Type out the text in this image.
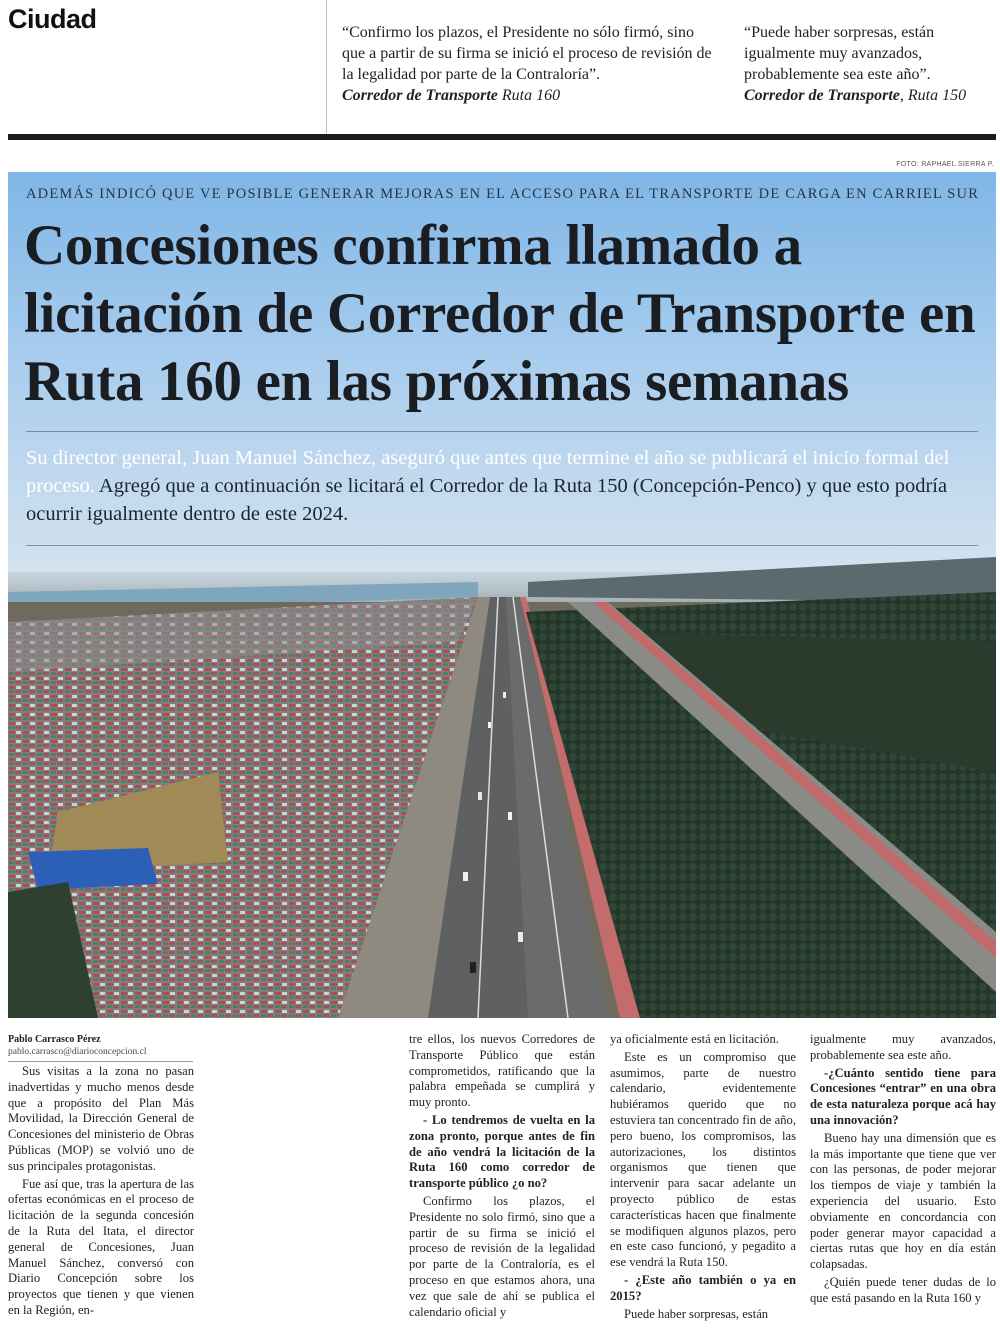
Ciudad	“Confirmo los plazos, el Presidente no sólo firmó, sino que a partir de su firma se inició el proceso de revisión de la legalidad por parte de la Contraloría”.
Corredor de Transporte Ruta 160
“Puede haber sorpresas, están igualmente muy avanzados, probablemente sea este año”.
Corredor de Transporte, Ruta 150
FOTO: RAPHAEL SIERRA P.
ADEMÁS INDICÓ QUE VE POSIBLE GENERAR MEJORAS EN EL ACCESO PARA EL TRANSPORTE DE CARGA EN CARRIEL SUR
Concesiones confirma llamado a licitación de Corredor de Transporte en Ruta 160 en las próximas semanas
Su director general, Juan Manuel Sánchez, aseguró que antes que termine el año se publicará el inicio formal del proceso. Agregó que a continuación se licitará el Corredor de la Ruta 150 (Concepción-Penco) y que esto podría ocurrir igualmente dentro de este 2024.
Pablo Carrasco Pérez
pablo.carrasco@diarioconcepcion.cl

Sus visitas a la zona no pasan inadvertidas y mucho menos desde que a propósito del Plan Más Movilidad, la Dirección General de Concesiones del ministerio de Obras Públicas (MOP) se volvió uno de sus principales protagonistas.

Fue así que, tras la apertura de las ofertas económicas en el proceso de licitación de la segunda concesión de la Ruta del Itata, el director general de Concesiones, Juan Manuel Sánchez, conversó con Diario Concepción sobre los proyectos que tienen y que vienen en la Región, en-

tre ellos, los nuevos Corredores de Transporte Público que están comprometidos, ratificando que la palabra empeñada se cumplirá y muy pronto.

- Lo tendremos de vuelta en la zona pronto, porque antes de fin de año vendrá la licitación de la Ruta 160 como corredor de transporte público ¿o no?

Confirmo los plazos, el Presidente no solo firmó, sino que a partir de su firma se inició el proceso de revisión de la legalidad por parte de la Contraloría, es el proceso en que estamos ahora, una vez que sale de ahí se publica el calendario oficial y

ya oficialmente está en licitación.

Este es un compromiso que asumimos, parte de nuestro calendario, evidentemente hubiéramos querido que no estuviera tan concentrado fin de año, pero bueno, los compromisos, las autorizaciones, los distintos organismos que tienen que intervenir para sacar adelante un proyecto público de estas características hacen que finalmente se modifiquen algunos plazos, pero en este caso funcionó, y pegadito a ese vendrá la Ruta 150.

- ¿Este año también o ya en 2015?

Puede haber sorpresas, están

igualmente muy avanzados, probablemente sea este año.

-¿Cuánto sentido tiene para Concesiones “entrar” en una obra de esta naturaleza porque acá hay una innovación?

Bueno hay una dimensión que es la más importante que tiene que ver con las personas, de poder mejorar los tiempos de viaje y también la experiencia del usuario. Esto obviamente en concordancia con poder generar mayor capacidad a ciertas rutas que hoy en día están colapsadas.

¿Quién puede tener dudas de lo que está pasando en la Ruta 160 y
